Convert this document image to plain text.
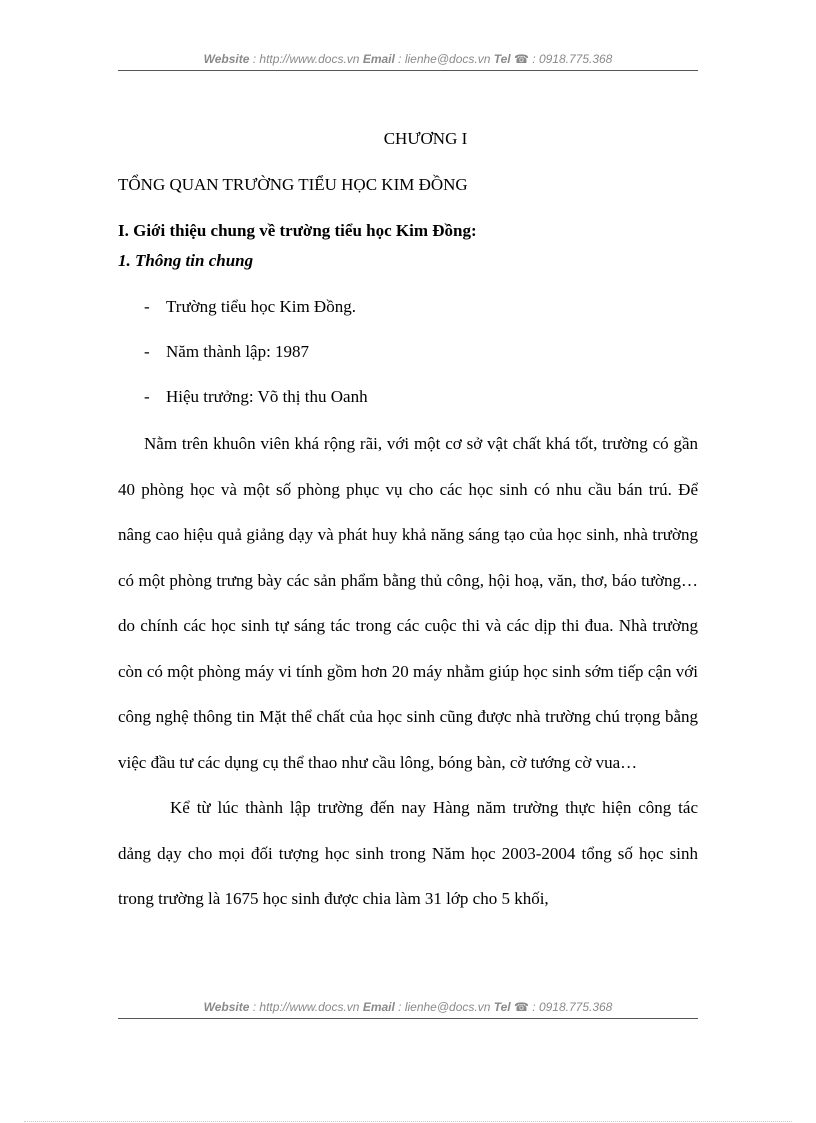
Website : http://www.docs.vn Email : lienhe@docs.vn Tel ☎ : 0918.775.368
CHƯƠNG I
TỔNG QUAN TRƯỜNG TIỂU HỌC KIM ĐỒNG
I. Giới thiệu chung về trường tiểu học Kim Đồng:
1. Thông tin chung
- Trường tiểu học Kim Đồng.
- Năm thành lập: 1987
- Hiệu trưởng: Võ thị thu Oanh

Nằm trên khuôn viên khá rộng rãi, với một cơ sở vật chất khá tốt, trường có gần 40 phòng học và một số phòng phục vụ cho các học sinh có nhu cầu bán trú. Để nâng cao hiệu quả giảng dạy và phát huy khả năng sáng tạo của học sinh, nhà trường có một phòng trưng bày các sản phẩm bằng thủ công, hội hoạ, văn, thơ, báo tường… do chính các học sinh tự sáng tác trong các cuộc thi và các dịp thi đua. Nhà trường còn có một phòng máy vi tính gồm hơn 20 máy nhằm giúp học sinh sớm tiếp cận với công nghệ thông tin Mặt thể chất của học sinh cũng được nhà trường chú trọng bằng việc đầu tư các dụng cụ thể thao như cầu lông, bóng bàn, cờ tướng cờ vua…

Kể từ lúc thành lập trường đến nay Hàng năm trường thực hiện công tác dảng dạy cho mọi đối tượng học sinh trong Năm học 2003-2004 tổng số học sinh trong trường là 1675 học sinh được chia làm 31 lớp cho 5 khối,

Website : http://www.docs.vn Email : lienhe@docs.vn Tel ☎ : 0918.775.368
